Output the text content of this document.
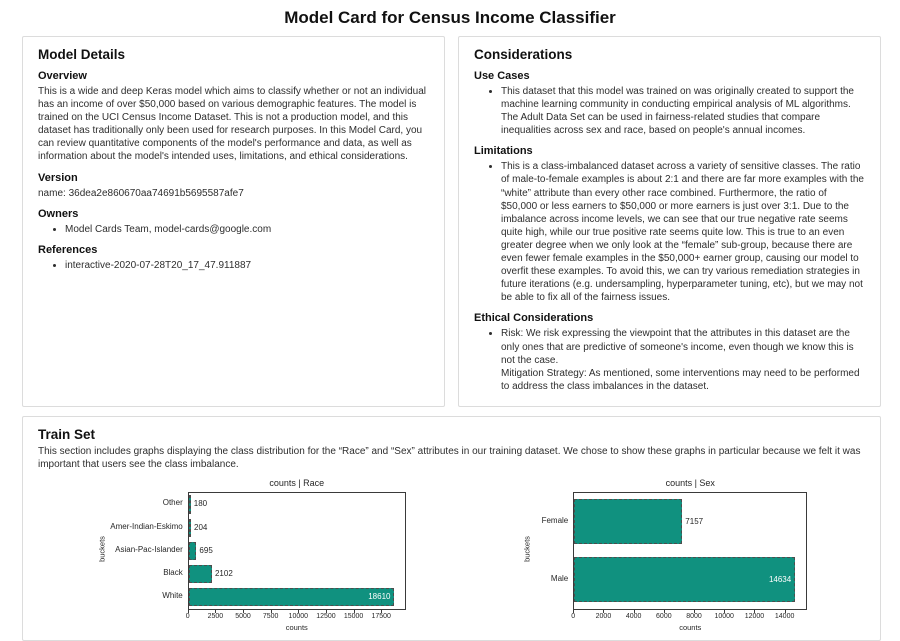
Model Card for Census Income Classifier
Model Details
Overview

This is a wide and deep Keras model which aims to classify whether or not an individual has an income of over $50,000 based on various demographic features. The model is trained on the UCI Census Income Dataset. This is not a production model, and this dataset has traditionally only been used for research purposes. In this Model Card, you can review quantitative components of the model's performance and data, as well as information about the model's intended uses, limitations, and ethical considerations.

Version

name: 36dea2e860670aa74691b5695587afe7

Owners
• Model Cards Team, model-cards@google.com
References
• interactive-2020-07-28T20_17_47.911887
Considerations
Use Cases
• This dataset that this model was trained on was originally created to support the machine learning community in conducting empirical analysis of ML algorithms. The Adult Data Set can be used in fairness-related studies that compare inequalities across sex and race, based on people's annual incomes.
Limitations
• This is a class-imbalanced dataset across a variety of sensitive classes. The ratio of male-to-female examples is about 2:1 and there are far more examples with the “white” attribute than every other race combined. Furthermore, the ratio of $50,000 or less earners to $50,000 or more earners is just over 3:1. Due to the imbalance across income levels, we can see that our true negative rate seems quite high, while our true positive rate seems quite low. This is true to an even greater degree when we only look at the “female” sub-group, because there are even fewer female examples in the $50,000+ earner group, causing our model to overfit these examples. To avoid this, we can try various remediation strategies in future iterations (e.g. undersampling, hyperparameter tuning, etc), but we may not be able to fix all of the fairness issues.
Ethical Considerations
• Risk: We risk expressing the viewpoint that the attributes in this dataset are the only ones that are predictive of someone's income, even though we know this is not the case.
Mitigation Strategy: As mentioned, some interventions may need to be performed to address the class imbalances in the dataset.
Train Set
This section includes graphs displaying the class distribution for the “Race” and “Sex” attributes in our training dataset. We chose to show these graphs in particular because we felt it was important that users see the class imbalance.
buckets
Other
Amer-Indian-Eskimo
Asian-Pac-Islander
Black
White
counts | Race
180
204
695
2102
18610
0	2500 5000 7500 10000 12500 15000 17500
counts
buckets
Female
Male
counts | Sex
7157
14634
0	2000 4000 6000 8000 10000 12000 14000
counts
